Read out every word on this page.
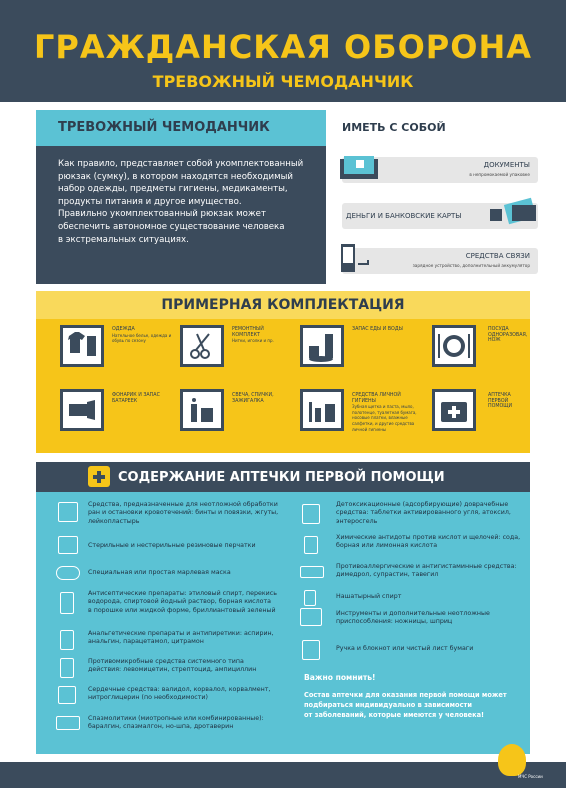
ГРАЖДАНСКАЯ ОБОРОНА
ТРЕВОЖНЫЙ ЧЕМОДАНЧИК
ТРЕВОЖНЫЙ ЧЕМОДАНЧИК
Как правило, представляет собой укомплектованный
рюкзак (сумку), в котором находятся необходимый
набор одежды, предметы гигиены, медикаменты,
продукты питания и другое имущество.
Правильно укомплектованный рюкзак может
обеспечить автономное существование человека
в экстремальных ситуациях.
ИМЕТЬ С СОБОЙ
ДОКУМЕНТЫ
в непромокаемой упаковке
ДЕНЬГИ И БАНКОВСКИЕ КАРТЫ
СРЕДСТВА СВЯЗИ
зарядное устройство, дополнительный аккумулятор
ПРИМЕРНАЯ КОМПЛЕКТАЦИЯ
ОДЕЖДА
Нательное белье, одежда и обувь по сезону
РЕМОНТНЫЙ КОМПЛЕКТ
Нитки, иголки и пр.
ЗАПАС ЕДЫ И ВОДЫ	ПОСУДА ОДНОРАЗОВАЯ, НОЖ
ФОНАРИК И ЗАПАС БАТАРЕЕК
СВЕЧА, СПИЧКИ, ЗАЖИГАЛКА
СРЕДСТВА ЛИЧНОЙ ГИГИЕНЫ
Зубная щетка и паста, мыло, полотенце, туалетная бумага, носовые платки, влажные салфетки, и другие средства личной гигиены
АПТЕЧКА ПЕРВОЙ ПОМОЩИ
СОДЕРЖАНИЕ АПТЕЧКИ ПЕРВОЙ ПОМОЩИ
Средства, предназначенные для неотложной обработки
ран и остановки кровотечений: бинты и повязки, жгуты,
лейкопластырь
Стерильные и нестерильные резиновые перчатки
Специальная или простая марлевая маска
Антисептические препараты: этиловый спирт, перекись
водорода, спиртовой йодный раствор, борная кислота
в порошке или жидкой форме, бриллиантовый зеленый
Анальгетические препараты и антипиретики: аспирин,
анальгин, парацетамол, цитрамон
Противомикробные средства системного типа
действия: левомицетин, стрептоцид, ампициллин
Сердечные средства: валидол, корвалол, корвалмент,
нитроглицерин (по необходимости)
Спазмолитики (миотропные или комбинированные):
баралгин, спазмалгон, но-шпа, дротаверин
Детоксикационные (адсорбирующие) доврачебные
средства: таблетки активированного угля, атоксил,
энтеросгель
Химические антидоты против кислот и щелочей: сода,
борная или лимонная кислота
Противоаллергические и антигистаминные средства:
димедрол, супрастин, тавегил
Нашатырный спирт
Инструменты и дополнительные неотложные
приспособления: ножницы, шприц
Ручка и блокнот или чистый лист бумаги
Важно помнить!
Состав аптечки для оказания первой помощи может
подбираться индивидуально в зависимости
от заболеваний, которые имеются у человека!
МЧС России
